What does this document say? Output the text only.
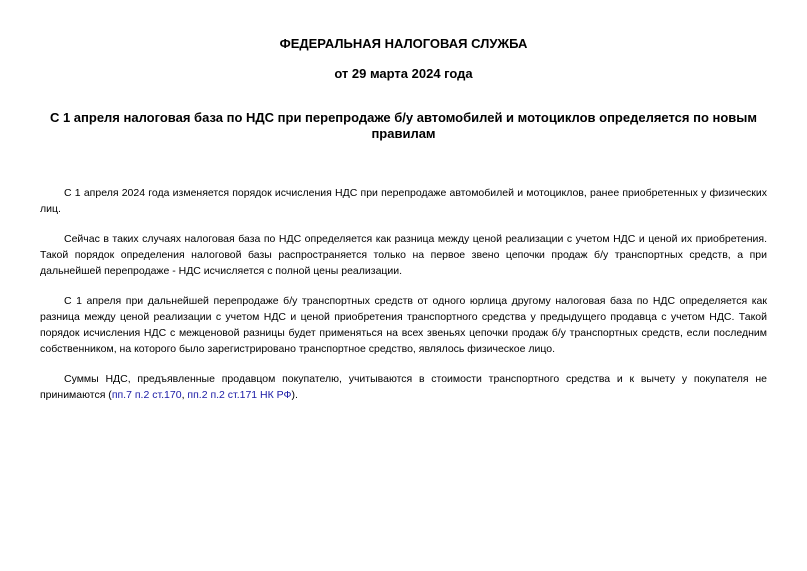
ФЕДЕРАЛЬНАЯ НАЛОГОВАЯ СЛУЖБА
от 29 марта 2024 года
С 1 апреля налоговая база по НДС при перепродаже б/у автомобилей и мотоциклов определяется по новым правилам

С 1 апреля 2024 года изменяется порядок исчисления НДС при перепродаже автомобилей и мотоциклов, ранее приобретенных у физических лиц.

Сейчас в таких случаях налоговая база по НДС определяется как разница между ценой реализации с учетом НДС и ценой их приобретения. Такой порядок определения налоговой базы распространяется только на первое звено цепочки продаж б/у транспортных средств, а при дальнейшей перепродаже - НДС исчисляется с полной цены реализации.

С 1 апреля при дальнейшей перепродаже б/у транспортных средств от одного юрлица другому налоговая база по НДС определяется как разница между ценой реализации с учетом НДС и ценой приобретения транспортного средства у предыдущего продавца с учетом НДС. Такой порядок исчисления НДС с межценовой разницы будет применяться на всех звеньях цепочки продаж б/у транспортных средств, если последним собственником, на которого было зарегистрировано транспортное средство, являлось физическое лицо.

Суммы НДС, предъявленные продавцом покупателю, учитываются в стоимости транспортного средства и к вычету у покупателя не принимаются (пп.7 п.2 ст.170, пп.2 п.2 ст.171 НК РФ).
